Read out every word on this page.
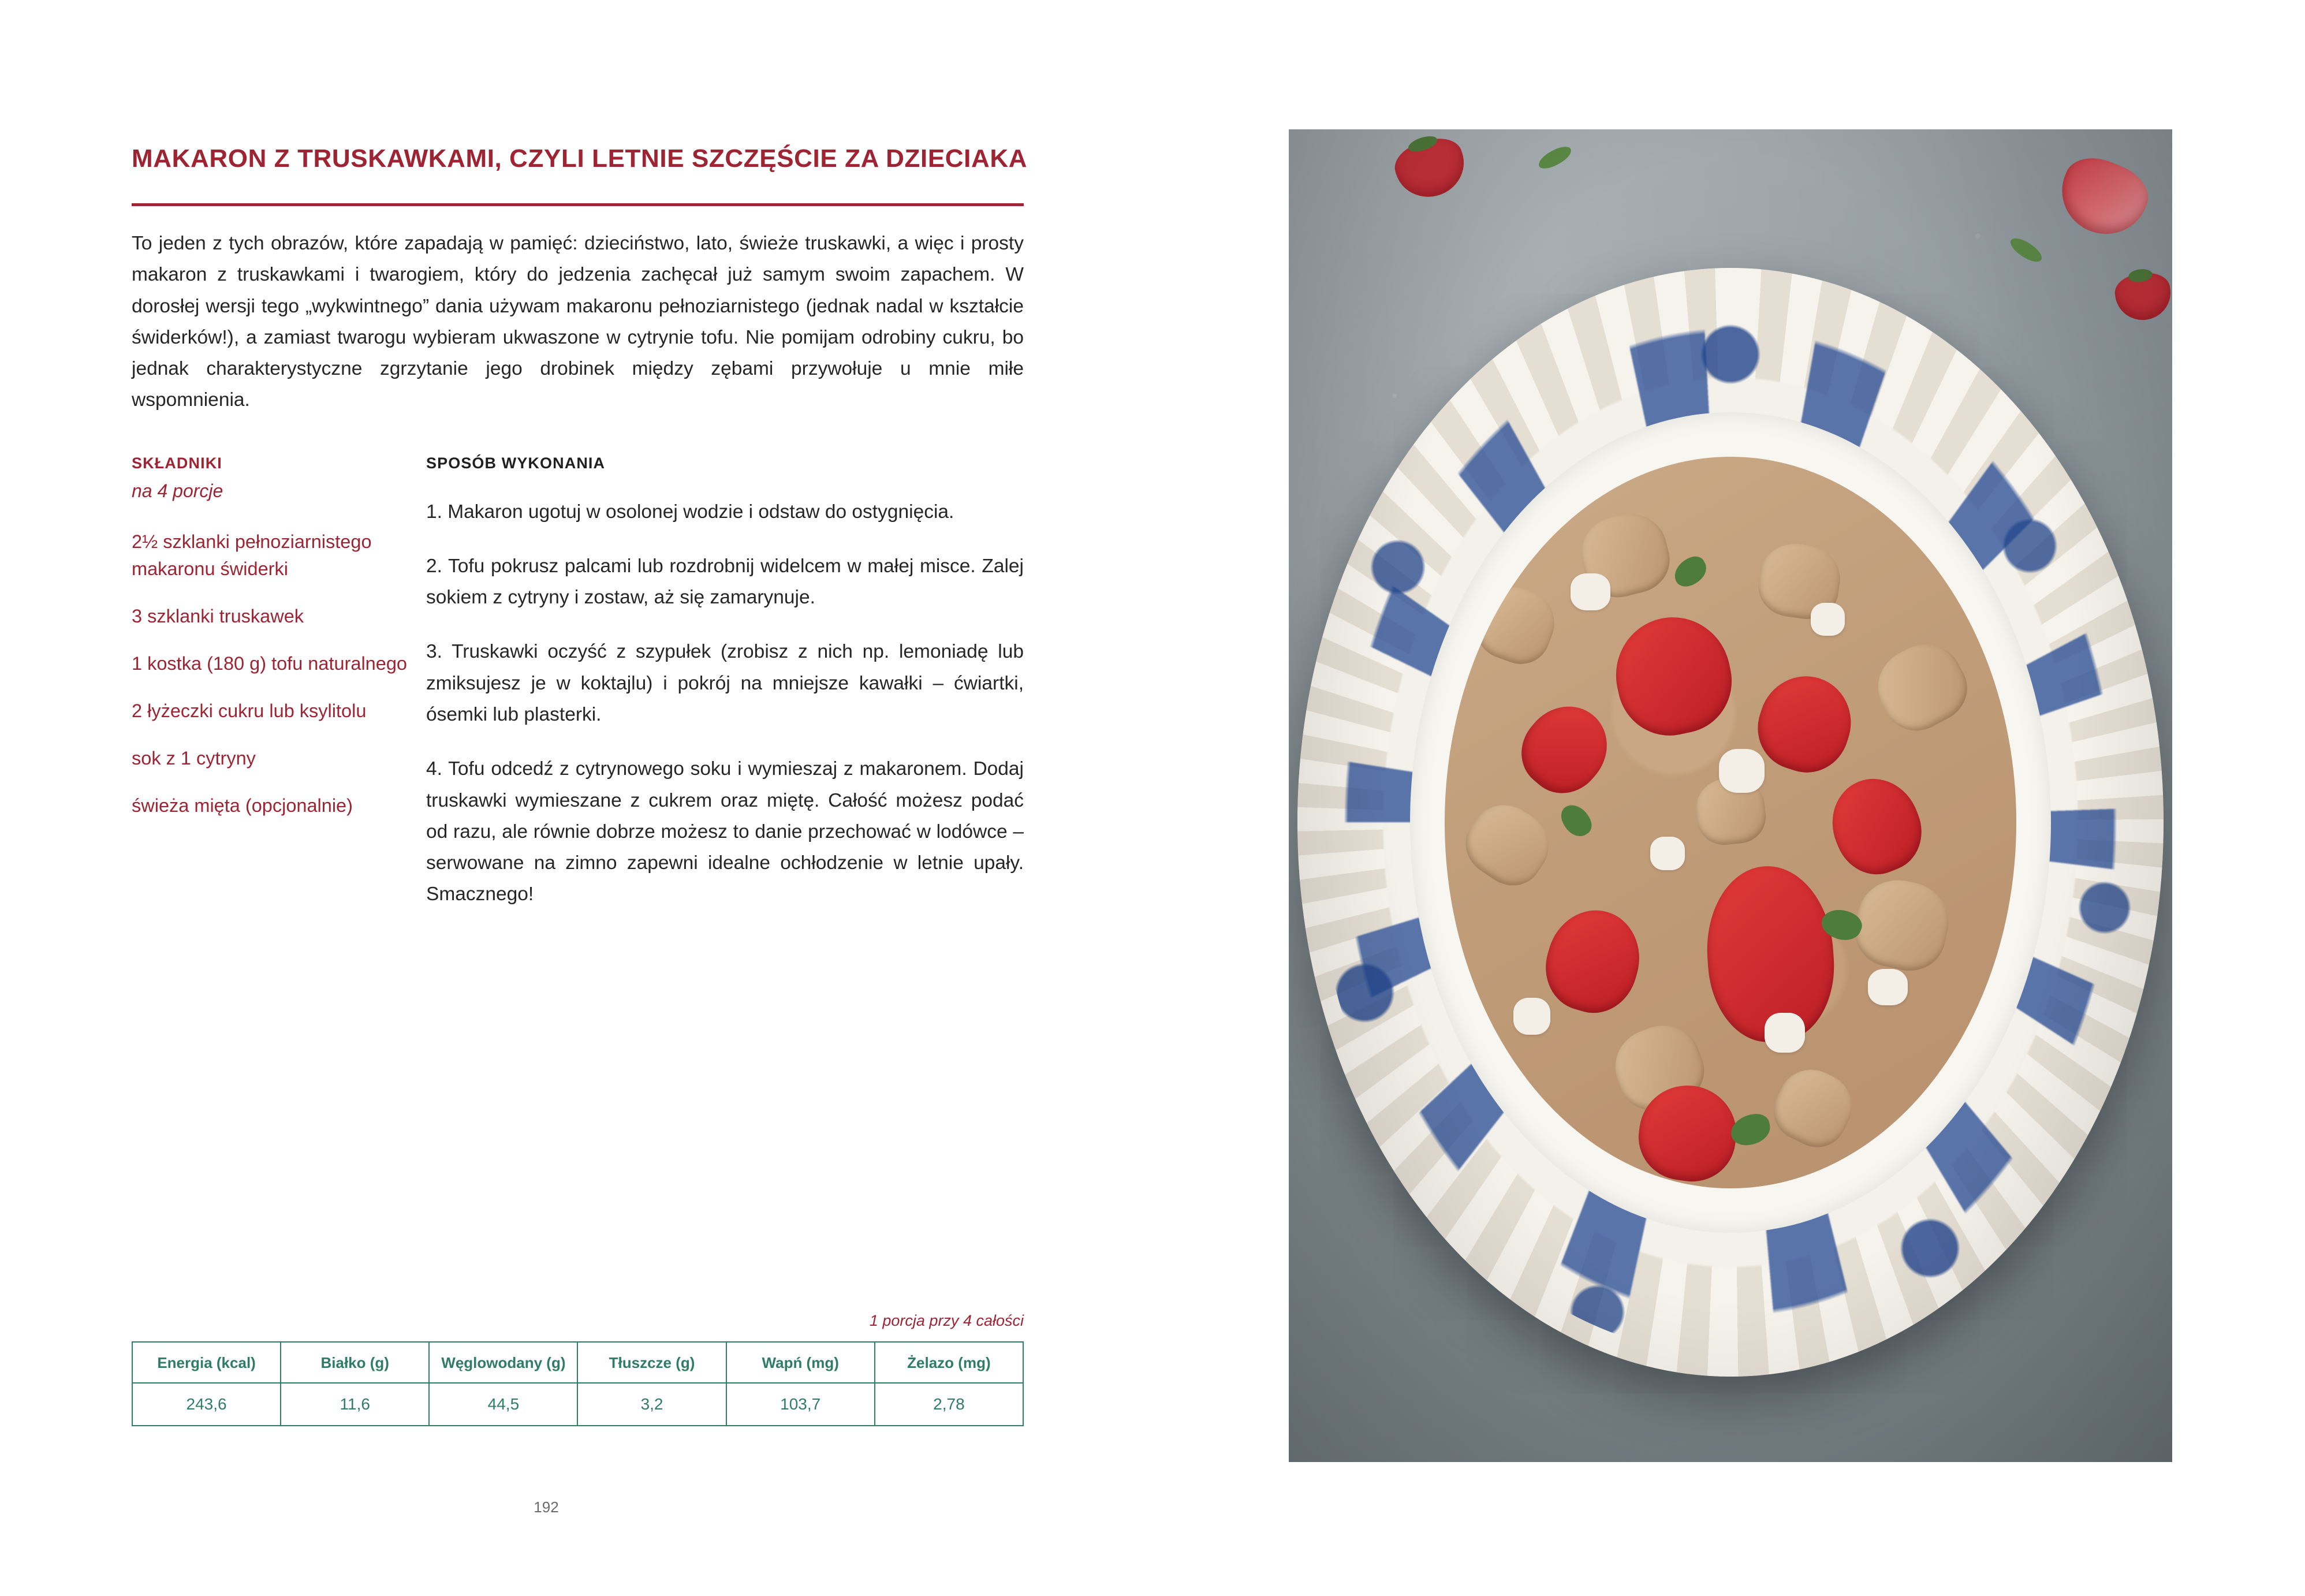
MAKARON Z TRUSKAWKAMI, CZYLI LETNIE SZCZĘŚCIE ZA DZIECIAKA

To jeden z tych obrazów, które zapadają w pamięć: dzieciństwo, lato, świeże truskawki, a więc i prosty makaron z truskawkami i twarogiem, który do jedzenia zachęcał już samym swoim zapachem. W dorosłej wersji tego „wykwintnego” dania używam makaronu pełnoziarnistego (jednak nadal w kształcie świderków!), a zamiast twarogu wybieram ukwaszone w cytrynie tofu. Nie pomijam odrobiny cukru, bo jednak charakterystyczne zgrzytanie jego drobinek między zębami przywołuje u mnie miłe wspomnienia.

SKŁADNIKI
na 4 porcje
2½ szklanki pełnoziarnistego makaronu świderki
3 szklanki truskawek
1 kostka (180 g) tofu naturalnego
2 łyżeczki cukru lub ksylitolu
sok z 1 cytryny
świeża mięta (opcjonalnie)
SPOSÓB WYKONANIA

1. Makaron ugotuj w osolonej wodzie i odstaw do ostygnięcia.

2. Tofu pokrusz palcami lub rozdrobnij widelcem w małej misce. Zalej sokiem z cytryny i zostaw, aż się zamarynuje.

3. Truskawki oczyść z szypułek (zrobisz z nich np. lemoniadę lub zmiksujesz je w koktajlu) i pokrój na mniejsze kawałki – ćwiartki, ósemki lub plasterki.

4. Tofu odcedź z cytrynowego soku i wymieszaj z makaronem. Dodaj truskawki wymieszane z cukrem oraz miętę. Całość możesz podać od razu, ale równie dobrze możesz to danie przechować w lodówce – serwowane na zimno zapewni idealne ochłodzenie w letnie upały. Smacznego!

1 porcja przy 4 całości
Energia (kcal)	Białko (g)	Węglowodany (g)	Tłuszcze (g)	Wapń (mg)	Żelazo (mg)
243,6	11,6	44,5	3,2	103,7	2,78
192
